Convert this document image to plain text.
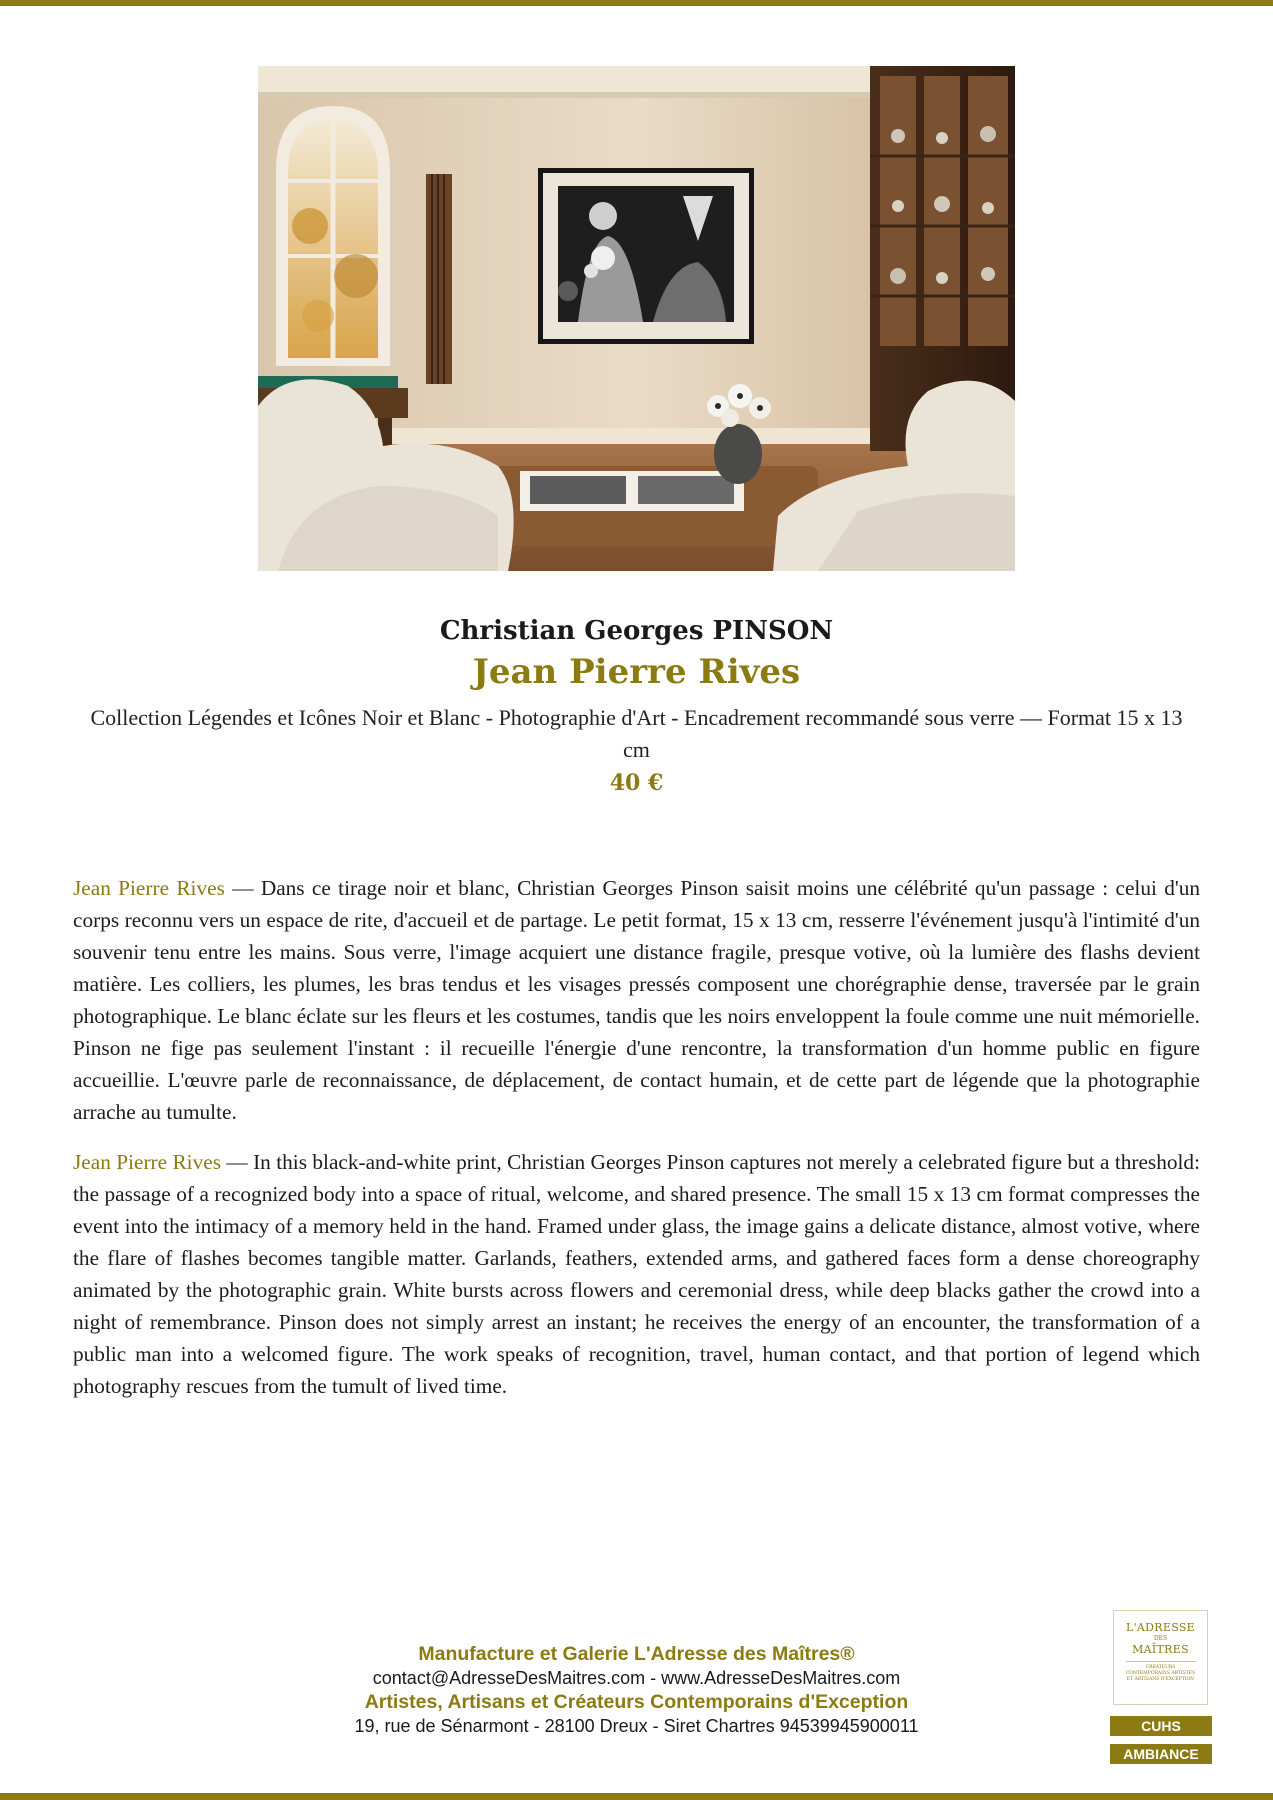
Christian Georges PINSON
Jean Pierre Rives
Collection Légendes et Icônes Noir et Blanc - Photographie d'Art - Encadrement recommandé sous verre — Format 15 x 13 cm
40 €

Jean Pierre Rives — Dans ce tirage noir et blanc, Christian Georges Pinson saisit moins une célébrité qu'un passage : celui d'un corps reconnu vers un espace de rite, d'accueil et de partage. Le petit format, 15 x 13 cm, resserre l'événement jusqu'à l'intimité d'un souvenir tenu entre les mains. Sous verre, l'image acquiert une distance fragile, presque votive, où la lumière des flashs devient matière. Les colliers, les plumes, les bras tendus et les visages pressés composent une chorégraphie dense, traversée par le grain photographique. Le blanc éclate sur les fleurs et les costumes, tandis que les noirs enveloppent la foule comme une nuit mémorielle. Pinson ne fige pas seulement l'instant : il recueille l'énergie d'une rencontre, la transformation d'un homme public en figure accueillie. L'œuvre parle de reconnaissance, de déplacement, de contact humain, et de cette part de légende que la photographie arrache au tumulte.

Jean Pierre Rives — In this black-and-white print, Christian Georges Pinson captures not merely a celebrated figure but a threshold: the passage of a recognized body into a space of ritual, welcome, and shared presence. The small 15 x 13 cm format compresses the event into the intimacy of a memory held in the hand. Framed under glass, the image gains a delicate distance, almost votive, where the flare of flashes becomes tangible matter. Garlands, feathers, extended arms, and gathered faces form a dense choreography animated by the photographic grain. White bursts across flowers and ceremonial dress, while deep blacks gather the crowd into a night of remembrance. Pinson does not simply arrest an instant; he receives the energy of an encounter, the transformation of a public man into a welcomed figure. The work speaks of recognition, travel, human contact, and that portion of legend which photography rescues from the tumult of lived time.

Manufacture et Galerie L'Adresse des Maîtres®
contact@AdresseDesMaitres.com - www.AdresseDesMaitres.com
Artistes, Artisans et Créateurs Contemporains d'Exception
19, rue de Sénarmont - 28100 Dreux - Siret Chartres 94539945900011
L'ADRESSE
DES
MAÎTRES
CRÉATEURS CONTEMPORAINS ARTISTES ET ARTISANS D'EXCEPTION
CUHS
AMBIANCE
